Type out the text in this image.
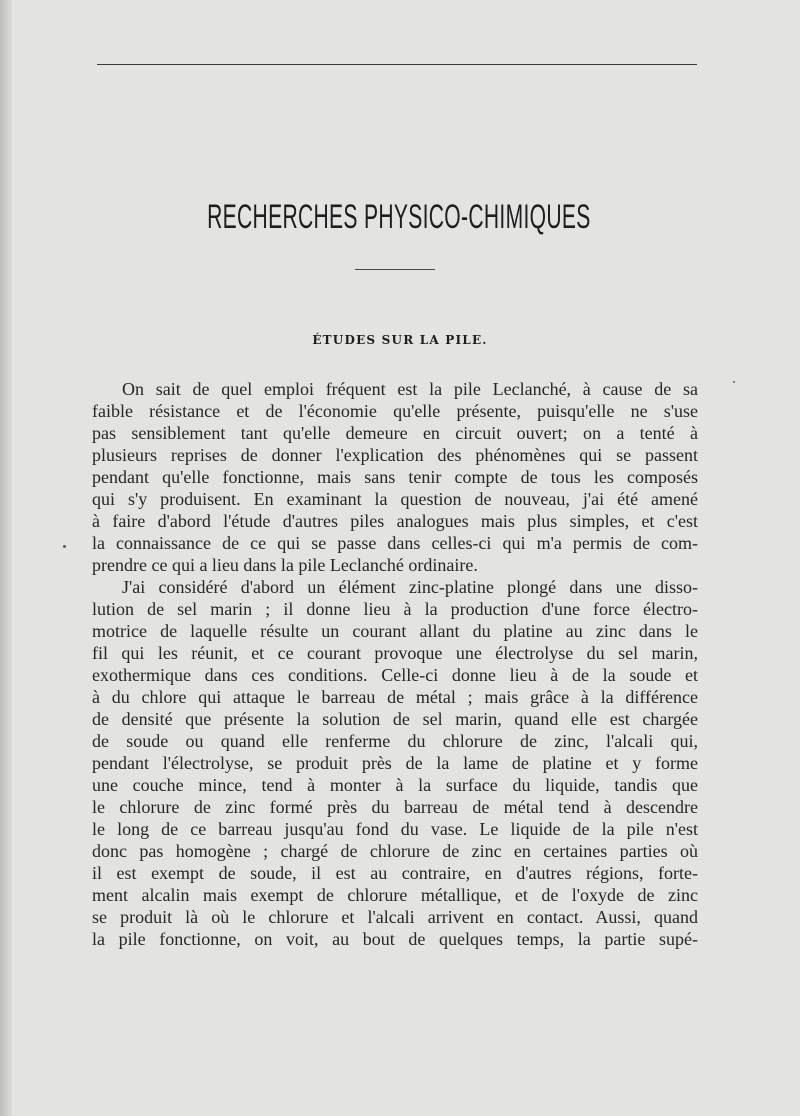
RECHERCHES PHYSICO-CHIMIQUES
ÉTUDES SUR LA PILE.
On sait de quel emploi fréquent est la pile Leclanché, à cause de sa
faible résistance et de l'économie qu'elle présente, puisqu'elle ne s'use
pas sensiblement tant qu'elle demeure en circuit ouvert; on a tenté à
plusieurs reprises de donner l'explication des phénomènes qui se passent
pendant qu'elle fonctionne, mais sans tenir compte de tous les composés
qui s'y produisent. En examinant la question de nouveau, j'ai été amené
à faire d'abord l'étude d'autres piles analogues mais plus simples, et c'est
la connaissance de ce qui se passe dans celles-ci qui m'a permis de com-
prendre ce qui a lieu dans la pile Leclanché ordinaire.
J'ai considéré d'abord un élément zinc-platine plongé dans une disso-
lution de sel marin ; il donne lieu à la production d'une force électro-
motrice de laquelle résulte un courant allant du platine au zinc dans le
fil qui les réunit, et ce courant provoque une électrolyse du sel marin,
exothermique dans ces conditions. Celle-ci donne lieu à de la soude et
à du chlore qui attaque le barreau de métal ; mais grâce à la différence
de densité que présente la solution de sel marin, quand elle est chargée
de soude ou quand elle renferme du chlorure de zinc, l'alcali qui,
pendant l'électrolyse, se produit près de la lame de platine et y forme
une couche mince, tend à monter à la surface du liquide, tandis que
le chlorure de zinc formé près du barreau de métal tend à descendre
le long de ce barreau jusqu'au fond du vase. Le liquide de la pile n'est
donc pas homogène ; chargé de chlorure de zinc en certaines parties où
il est exempt de soude, il est au contraire, en d'autres régions, forte-
ment alcalin mais exempt de chlorure métallique, et de l'oxyde de zinc
se produit là où le chlorure et l'alcali arrivent en contact. Aussi, quand
la pile fonctionne, on voit, au bout de quelques temps, la partie supé-
